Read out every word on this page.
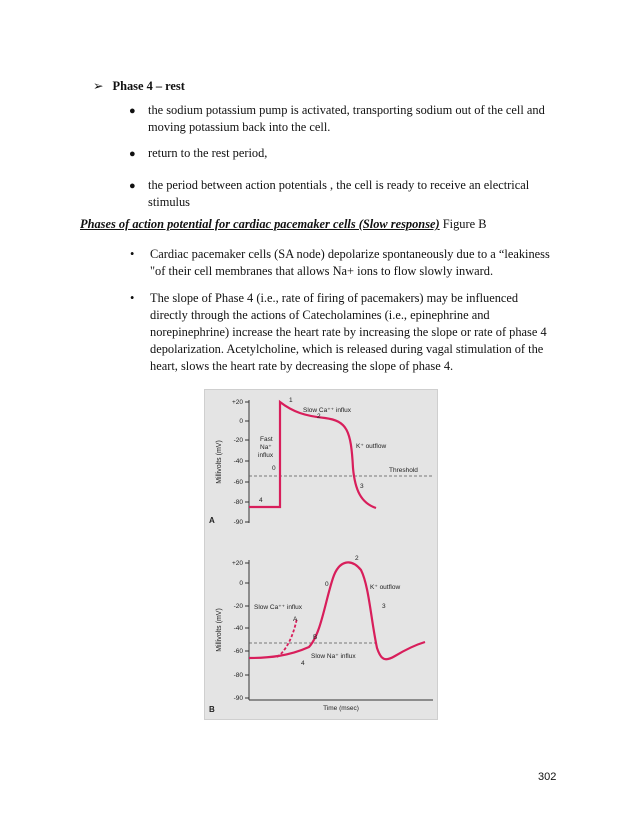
➢ Phase 4 – rest
● the sodium potassium pump is activated, transporting sodium out of the cell and
moving potassium back into the cell.
● return to the rest period,
● the period between action potentials , the cell is ready to receive an electrical
stimulus
Phases of action potential for cardiac pacemaker cells (Slow response) Figure B
• Cardiac pacemaker cells (SA node) depolarize spontaneously due to a “leakiness
"of their cell membranes that allows Na+ ions to flow slowly inward.
• The slope of Phase 4 (i.e., rate of firing of pacemakers) may be influenced
directly through the actions of Catecholamines (i.e., epinephrine and
norepinephrine) increase the heart rate by increasing the slope or rate of phase 4
depolarization. Acetylcholine, which is released during vagal stimulation of the
heart, slows the heart rate by decreasing the slope of phase 4.
+20
0
-20
-40
-60
-80
-90
Millivolts (mV)
A
Threshold
Fast
Na⁺
influx
Slow Ca⁺⁺ influx
K⁺ outflow
0
1
2
3
4
+20
0
-20
-40
-60
-80
-90
Millivolts (mV)
B	Time (msec)
Slow Ca⁺⁺ influx
K⁺ outflow
Slow Na⁺ influx
A
B
0
2
3
4
302
